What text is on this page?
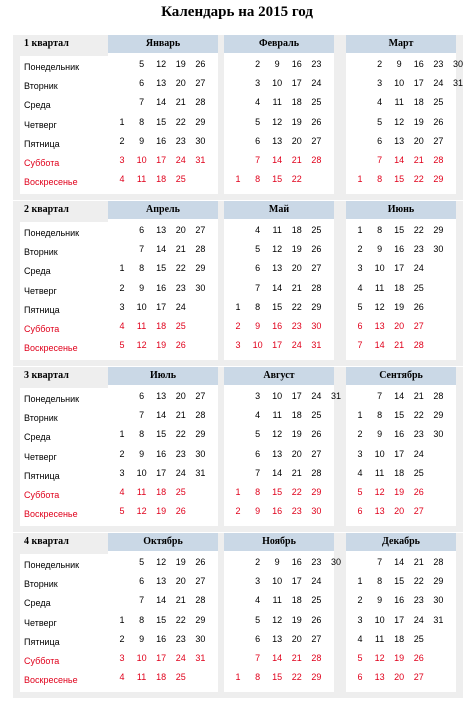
Календарь на 2015 год
1 квартал
Понедельник
Вторник
Среда
Четверг
Пятница
Суббота
Воскресенье
Январь
1
2
3
4
5
6
7
8
9
10
11
12
13
14
15
16
17
18
19
20
21
22
23
24
25
26
27
28
29
30
31
Февраль
1
2
3
4
5
6
7
8
9
10
11
12
13
14
15
16
17
18
19
20
21
22
23
24
25
26
27
28
Март
1
2
3
4
5
6
7
8
9
10
11
12
13
14
15
16
17
18
19
20
21
22
23
24
25
26
27
28
29
30
31
2 квартал
Понедельник
Вторник
Среда
Четверг
Пятница
Суббота
Воскресенье
Апрель
1
2
3
4
5
6
7
8
9
10
11
12
13
14
15
16
17
18
19
20
21
22
23
24
25
26
27
28
29
30
Май
1
2
3
4
5
6
7
8
9
10
11
12
13
14
15
16
17
18
19
20
21
22
23
24
25
26
27
28
29
30
31
Июнь
1
2
3
4
5
6
7
8
9
10
11
12
13
14
15
16
17
18
19
20
21
22
23
24
25
26
27
28
29
30
3 квартал
Понедельник
Вторник
Среда
Четверг
Пятница
Суббота
Воскресенье
Июль
1
2
3
4
5
6
7
8
9
10
11
12
13
14
15
16
17
18
19
20
21
22
23
24
25
26
27
28
29
30
31
Август
1
2
3
4
5
6
7
8
9
10
11
12
13
14
15
16
17
18
19
20
21
22
23
24
25
26
27
28
29
30
31
Сентябрь
1
2
3
4
5
6
7
8
9
10
11
12
13
14
15
16
17
18
19
20
21
22
23
24
25
26
27
28
29
30
4 квартал
Понедельник
Вторник
Среда
Четверг
Пятница
Суббота
Воскресенье
Октябрь
1
2
3
4
5
6
7
8
9
10
11
12
13
14
15
16
17
18
19
20
21
22
23
24
25
26
27
28
29
30
31
Ноябрь
1
2
3
4
5
6
7
8
9
10
11
12
13
14
15
16
17
18
19
20
21
22
23
24
25
26
27
28
29
30
Декабрь
1
2
3
4
5
6
7
8
9
10
11
12
13
14
15
16
17
18
19
20
21
22
23
24
25
26
27
28
29
30
31
